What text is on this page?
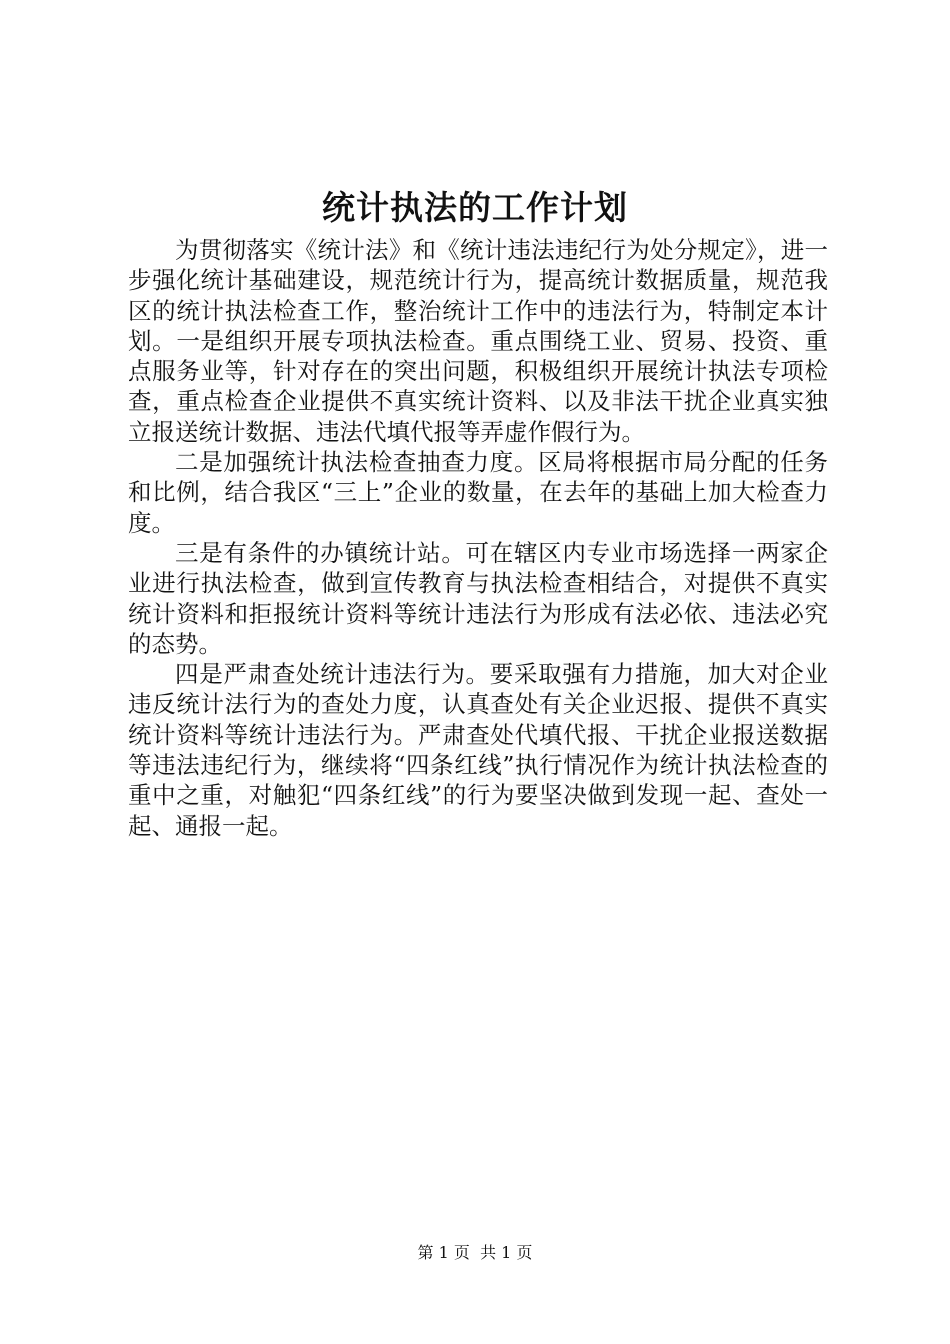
统计执法的工作计划

为贯彻落实《统计法》和《统计违法违纪行为处分规定》，进一步强化统计基础建设，规范统计行为，提高统计数据质量，规范我区的统计执法检查工作，整治统计工作中的违法行为，特制定本计划。一是组织开展专项执法检查。重点围绕工业、贸易、投资、重点服务业等，针对存在的突出问题，积极组织开展统计执法专项检查，重点检查企业提供不真实统计资料、以及非法干扰企业真实独立报送统计数据、违法代填代报等弄虚作假行为。

二是加强统计执法检查抽查力度。区局将根据市局分配的任务和比例，结合我区“三上”企业的数量，在去年的基础上加大检查力度。

三是有条件的办镇统计站。可在辖区内专业市场选择一两家企业进行执法检查，做到宣传教育与执法检查相结合，对提供不真实统计资料和拒报统计资料等统计违法行为形成有法必依、违法必究的态势。

四是严肃查处统计违法行为。要采取强有力措施，加大对企业违反统计法行为的查处力度，认真查处有关企业迟报、提供不真实统计资料等统计违法行为。严肃查处代填代报、干扰企业报送数据等违法违纪行为，继续将“四条红线”执行情况作为统计执法检查的重中之重，对触犯“四条红线”的行为要坚决做到发现一起、查处一起、通报一起。

第 1 页  共 1 页
